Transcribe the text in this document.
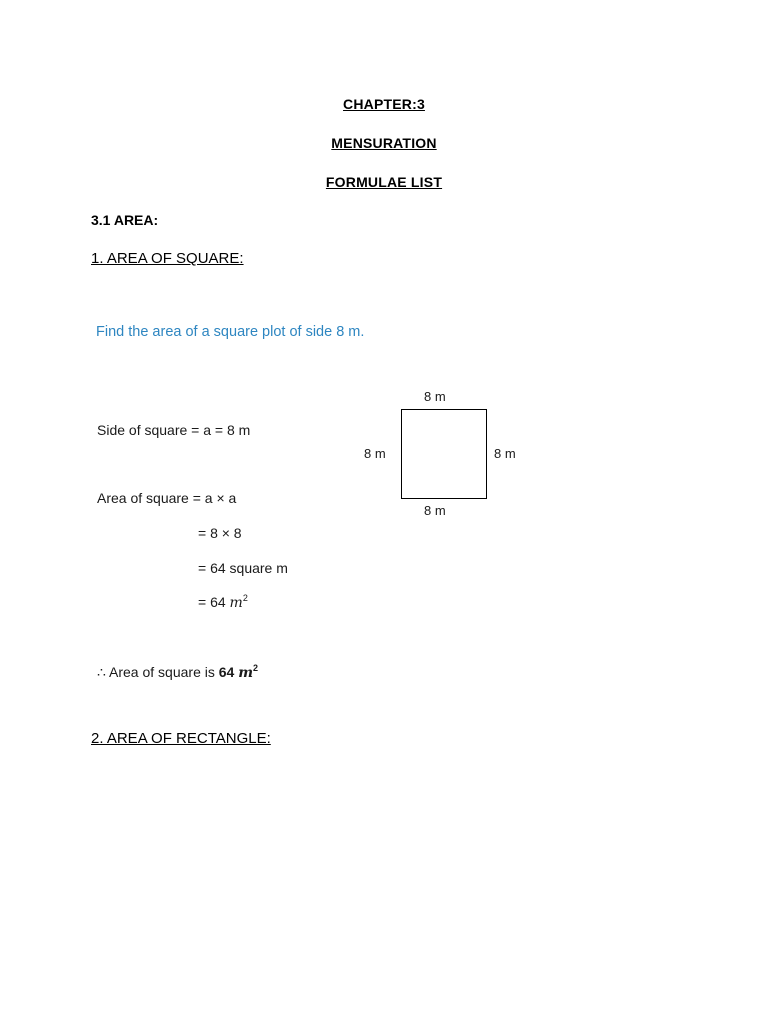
CHAPTER:3
MENSURATION
FORMULAE LIST
3.1 AREA:
1. AREA OF SQUARE:
Find the area of a square plot of side 8 m.
Side of square = a = 8 m
Area of square = a × a
= 8 × 8
= 64 square m
= 64 $m^2$
∴ Area of square is 64 $m^2$
8 m
8 m	8 m
8 m
2. AREA OF RECTANGLE:
